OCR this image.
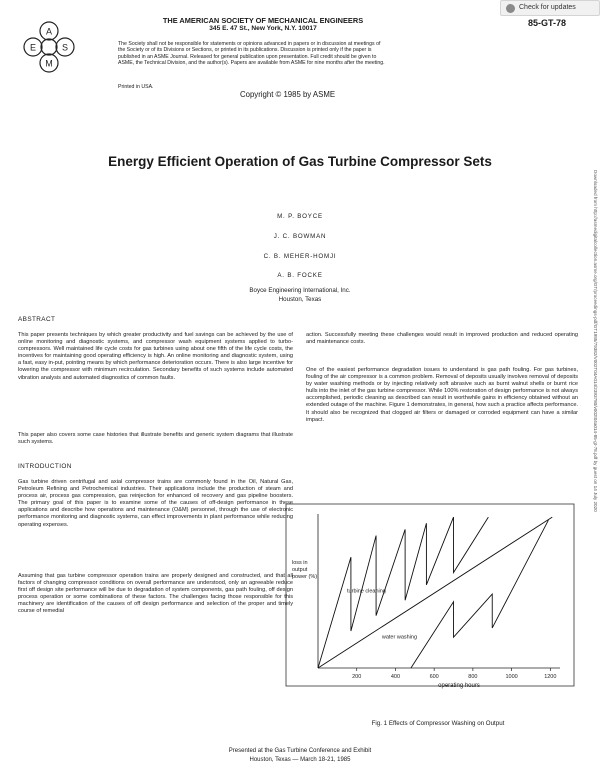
Check for updates
A
S
M
E
THE AMERICAN SOCIETY OF MECHANICAL ENGINEERS
345 E. 47 St., New York, N.Y. 10017
85-GT-78
The Society shall not be responsible for statements or opinions advanced in papers or in discussion at meetings of the Society or of its Divisions or Sections, or printed in its publications. Discussion is printed only if the paper is published in an ASME Journal. Released for general publication upon presentation. Full credit should be given to ASME, the Technical Division, and the author(s). Papers are available from ASME for nine months after the meeting.
Printed in USA.
Copyright © 1985 by ASME
Energy Efficient Operation of Gas Turbine Compressor Sets
M. P. BOYCE
J. C. BOWMAN
C. B. MEHER-HOMJI
A. B. FOCKE
Boyce Engineering International, Inc.
Houston, Texas
ABSTRACT
This paper presents techniques by which greater productivity and fuel savings can be achieved by the use of online monitoring and diagnostic systems, and compressor wash equipment systems applied to turbo-compressors. Well maintained life cycle costs for gas turbines using about one fifth of the life cycle costs, the incentives for maintaining good operating efficiency is high. An online monitoring and diagnostic system, using a fast, easy in-put, pointing means by which performance deterioration occurs. There is also large incentive for lowering the compressor with minimum recirculation. Secondary benefits of such systems include automated vibration analysis and automated diagnostics of common faults.
This paper also covers some case histories that illustrate benefits and generic system diagrams that illustrate such systems.
INTRODUCTION
Gas turbine driven centrifugal and axial compressor trains are commonly found in the Oil, Natural Gas, Petroleum Refining and Petrochemical industries. Their applications include the production of steam and process air, process gas compression, gas reinjection for enhanced oil recovery and gas pipeline boosters. The primary goal of this paper is to examine some of the causes of off-design performance in these applications and describe how operations and maintenance (O&M) personnel, through the use of electronic performance monitoring and diagnostic systems, can effect improvements in plant performance while reducing operating expenses.
Assuming that gas turbine compressor operation trains are properly designed and constructed, and that all factors of changing compressor conditions on overall performance are understood, only an agreeable reduce first off design site performance will be due to degradation of system components, gas path fouling, off design process operation or some combinations of these factors. The challenges facing those responsible for this machinery are identification of the causes of off design performance and selection of the proper and timely course of remedial
action. Successfully meeting these challenges would result in improved production and reduced operating and maintenance costs.
One of the easiest performance degradation issues to understand is gas path fouling. For gas turbines, fouling of the air compressor is a common problem. Removal of deposits usually involves removal of deposits by water washing methods or by injecting relatively soft abrasive such as burnt walnut shells or burnt rice hulls into the inlet of the gas turbine compressor. While 100% restoration of design performance is not always accomplished, periodic cleaning as described can result in worthwhile gains in efficiency obtained without an extended outage of the machine. Figure 1 demonstrates, in general, how such a practice affects performance. It should also be recognized that clogged air filters or damaged or corroded equipment can have a similar impact.
loss in
output
power (%)
200	400	600	800	1000	1200
turbine cleaning
water washing
operating hours
Fig. 1 Effects of Compressor Washing on Output
Presented at the Gas Turbine Conference and Exhibit
Houston, Texas — March 18-21, 1985
Downloaded from http://asmedigitalcollection.asme.org/GT/proceedings-pdf/GT1985/79382/V002T04A014/2393780/v002t04a014-85-gt-78.pdf by guest on 14 July 2020
